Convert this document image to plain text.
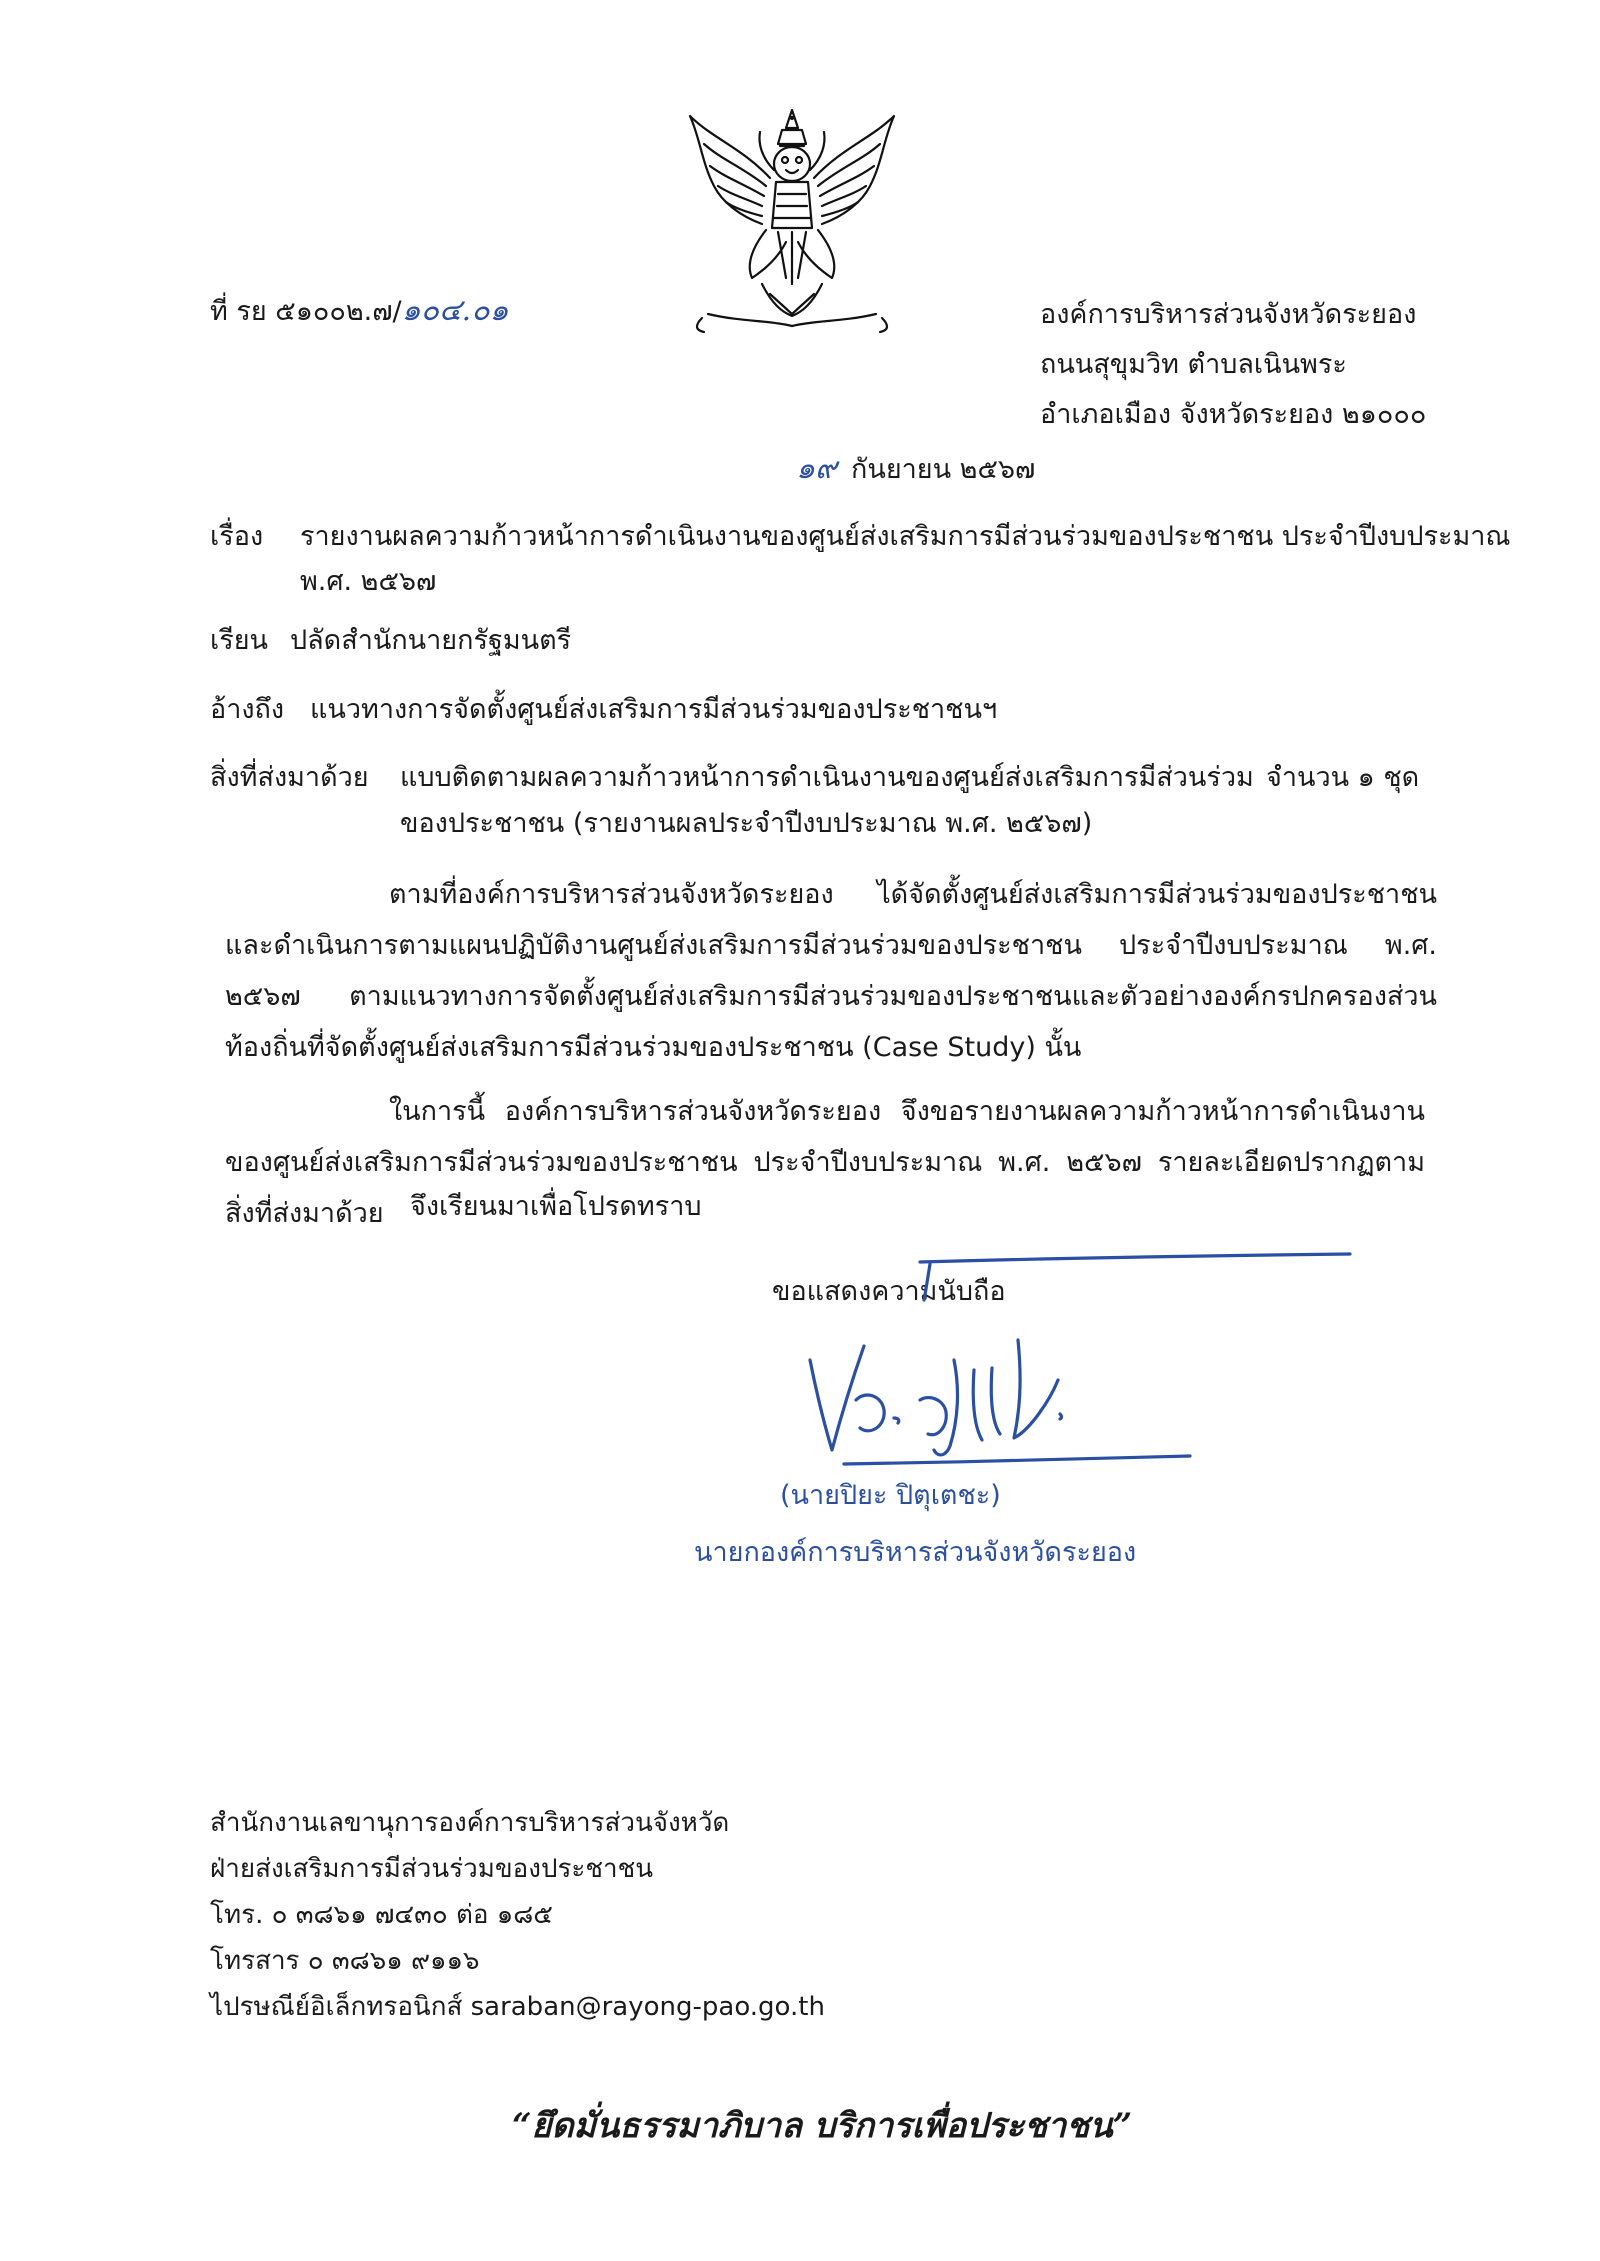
ที่ รย ๕๑๐๐๒.๗/๑๐๔.๐๑	องค์การบริหารส่วนจังหวัดระยอง
ถนนสุขุมวิท ตำบลเนินพระ
อำเภอเมือง จังหวัดระยอง ๒๑๐๐๐
๑๙ กันยายน ๒๕๖๗
เรื่อง รายงานผลความก้าวหน้าการดำเนินงานของศูนย์ส่งเสริมการมีส่วนร่วมของประชาชน ประจำปีงบประมาณ
พ.ศ. ๒๕๖๗
เรียน ปลัดสำนักนายกรัฐมนตรี
อ้างถึง แนวทางการจัดตั้งศูนย์ส่งเสริมการมีส่วนร่วมของประชาชนฯ
สิ่งที่ส่งมาด้วย แบบติดตามผลความก้าวหน้าการดำเนินงานของศูนย์ส่งเสริมการมีส่วนร่วม จำนวน ๑ ชุด
ของประชาชน (รายงานผลประจำปีงบประมาณ พ.ศ. ๒๕๖๗)
ตามที่องค์การบริหารส่วนจังหวัดระยอง ได้จัดตั้งศูนย์ส่งเสริมการมีส่วนร่วมของประชาชนและดำเนินการตามแผนปฏิบัติงานศูนย์ส่งเสริมการมีส่วนร่วมของประชาชน ประจำปีงบประมาณ พ.ศ. ๒๕๖๗ ตามแนวทางการจัดตั้งศูนย์ส่งเสริมการมีส่วนร่วมของประชาชนและตัวอย่างองค์กรปกครองส่วนท้องถิ่นที่จัดตั้งศูนย์ส่งเสริมการมีส่วนร่วมของประชาชน (Case Study) นั้น
ในการนี้ องค์การบริหารส่วนจังหวัดระยอง จึงขอรายงานผลความก้าวหน้าการดำเนินงานของศูนย์ส่งเสริมการมีส่วนร่วมของประชาชน ประจำปีงบประมาณ พ.ศ. ๒๕๖๗ รายละเอียดปรากฏตามสิ่งที่ส่งมาด้วย จึงเรียนมาเพื่อโปรดทราบ
ขอแสดงความนับถือ
(นายปิยะ ปิตุเตชะ)
นายกองค์การบริหารส่วนจังหวัดระยอง
สำนักงานเลขานุการองค์การบริหารส่วนจังหวัด
ฝ่ายส่งเสริมการมีส่วนร่วมของประชาชน
โทร. ๐ ๓๘๖๑ ๗๔๓๐ ต่อ ๑๘๕
โทรสาร ๐ ๓๘๖๑ ๙๑๑๖
ไปรษณีย์อิเล็กทรอนิกส์ saraban@rayong-pao.go.th
“ยึดมั่นธรรมาภิบาล บริการเพื่อประชาชน”
